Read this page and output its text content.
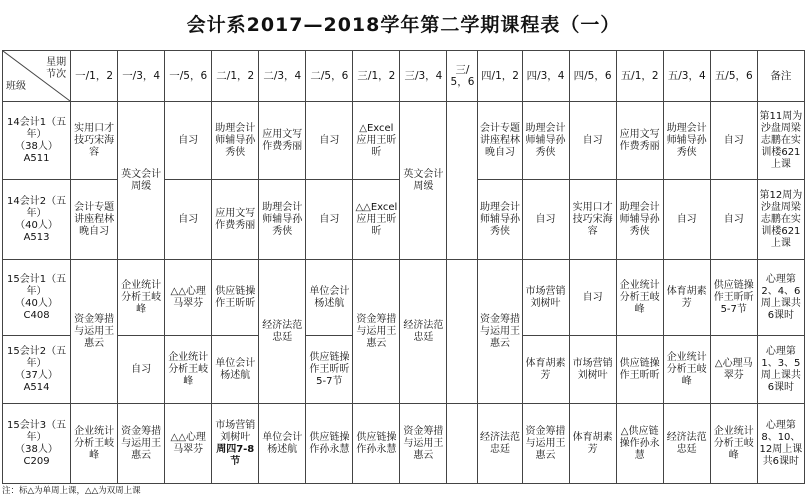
会计系2017—2018学年第二学期课程表（一）
星期
节次
班级	一/1，2	一/3，4	一/5，6	二/1，2	二/3，4	二/5，6	三/1，2	三/3，4	三/5，6	四/1，2	四/3，4	四/5，6	五/1，2	五/3，4	五/5，6	备注

14会计1（五年）
（38人）
A511	实用口才技巧宋海容	英文会计周缓	自习	助理会计师辅导孙秀侠	应用文写作费秀丽	自习	△Excel应用王昕昕	英文会计周缓		会计专题讲座程林晚自习	助理会计师辅导孙秀侠	自习	应用文写作费秀丽	助理会计师辅导孙秀侠	自习	第11周为沙盘周梁志鹏在实训楼621上课

14会计2（五年）
（40人）
A513	会计专题讲座程林晚自习		自习	应用文写作费秀丽	助理会计师辅导孙秀侠	自习	△△Excel应用王昕昕			助理会计师辅导孙秀侠	自习	实用口才技巧宋海容	助理会计师辅导孙秀侠	自习	自习	第12周为沙盘周梁志鹏在实训楼621上课

15会计1（五年）
（40人）
C408	资金筹措与运用王惠云	企业统计分析王岐峰	△△心理马翠芬	供应链操作王昕昕	经济法范忠廷	单位会计杨述航	资金筹措与运用王惠云	经济法范忠廷		资金筹措与运用王惠云	市场营销刘树叶	自习	企业统计分析王岐峰	体育胡素芳	供应链操作王昕昕5-7节	心理第2、4、6周上课共6课时

15会计2（五年）
（37人）
A514		自习	企业统计分析王岐峰	单位会计杨述航		供应链操作王昕昕5-7节					体育胡素芳	市场营销刘树叶	供应链操作王昕昕	企业统计分析王岐峰	△心理马翠芬	心理第1、3、5周上课共6课时

15会计3（五年）
（38人）
C209	企业统计分析王岐峰	资金筹措与运用王惠云	△△心理马翠芬	市场营销刘树叶
周四7-8节	单位会计杨述航	供应链操作孙永慧	供应链操作孙永慧	资金筹措与运用王惠云		经济法范忠廷	资金筹措与运用王惠云	体育胡素芳	△供应链操作孙永慧	经济法范忠廷	企业统计分析王岐峰	心理第8、10、12周上课共6课时
注：标△为单周上课，△△为双周上课
